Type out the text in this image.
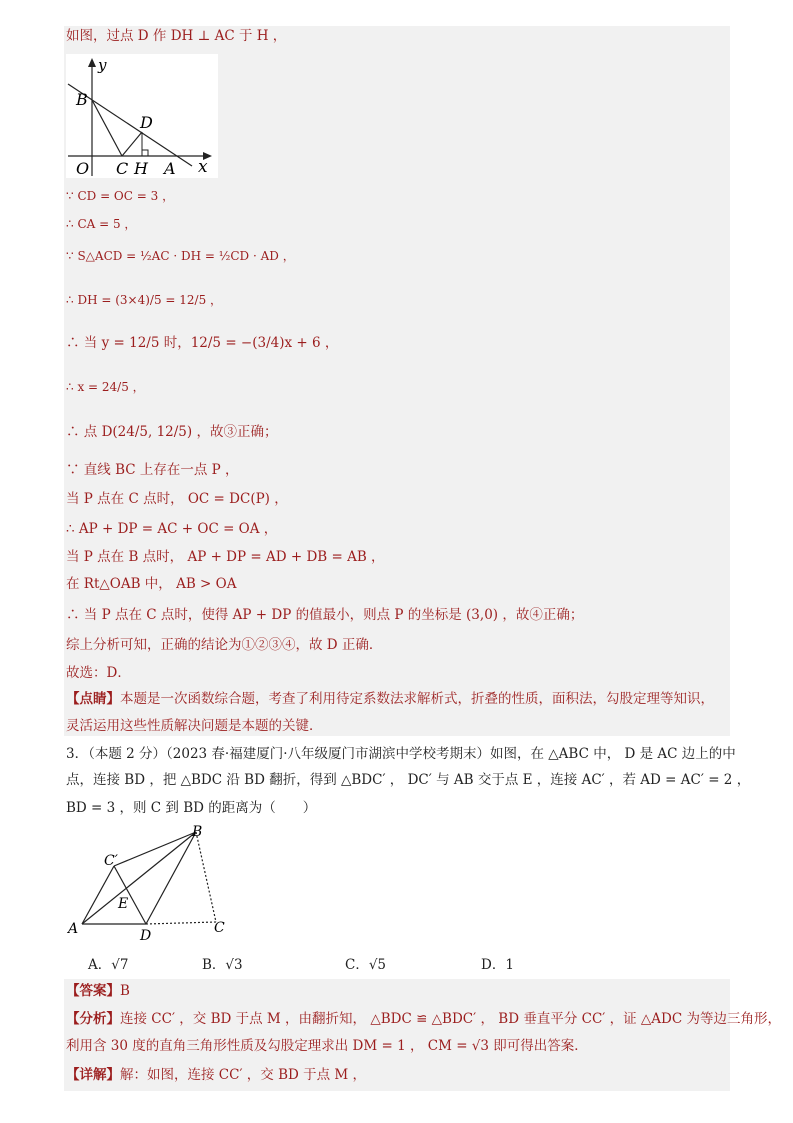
如图，过点 D 作 DH ⊥ AC 于 H ，
y
x
O
B
D
C H A
∵ CD = OC = 3 ，
∴ CA = 5 ，
∵ S△ACD = ½AC · DH = ½CD · AD ，
∴ DH = (3×4)/5 = 12/5 ，
∴ 当 y = 12/5 时，12/5 = −(3/4)x + 6 ，
∴ x = 24/5 ，
∴ 点 D(24/5, 12/5) ，故③正确；
∵ 直线 BC 上存在一点 P ，
当 P 点在 C 点时， OC = DC(P) ，
∴ AP + DP = AC + OC = OA ，
当 P 点在 B 点时， AP + DP = AD + DB = AB ，
在 Rt△OAB 中， AB > OA
∴ 当 P 点在 C 点时，使得 AP + DP 的值最小，则点 P 的坐标是 (3,0) ，故④正确；
综上分析可知，正确的结论为①②③④，故 D 正确．
故选：D．
【点睛】本题是一次函数综合题，考查了利用待定系数法求解析式，折叠的性质，面积法，勾股定理等知识，
灵活运用这些性质解决问题是本题的关键．
3．（本题 2 分）（2023 春·福建厦门·八年级厦门市湖滨中学校考期末）如图，在 △ABC 中， D 是 AC 边上的中
点，连接 BD ，把 △BDC 沿 BD 翻折，得到 △BDC′ ， DC′ 与 AB 交于点 E ，连接 AC′ ，若 AD = AC′ = 2 ，
BD = 3 ，则 C 到 BD 的距离为（　　）
B
C′
E
A	D	C
A．√7	B．√3	C．√5	D．1
【答案】B
【分析】连接 CC′ ，交 BD 于点 M ，由翻折知， △BDC ≌ △BDC′ ， BD 垂直平分 CC′ ，证 △ADC 为等边三角形，
利用含 30 度的直角三角形性质及勾股定理求出 DM = 1 ， CM = √3 即可得出答案．
【详解】解：如图，连接 CC′ ，交 BD 于点 M ，
